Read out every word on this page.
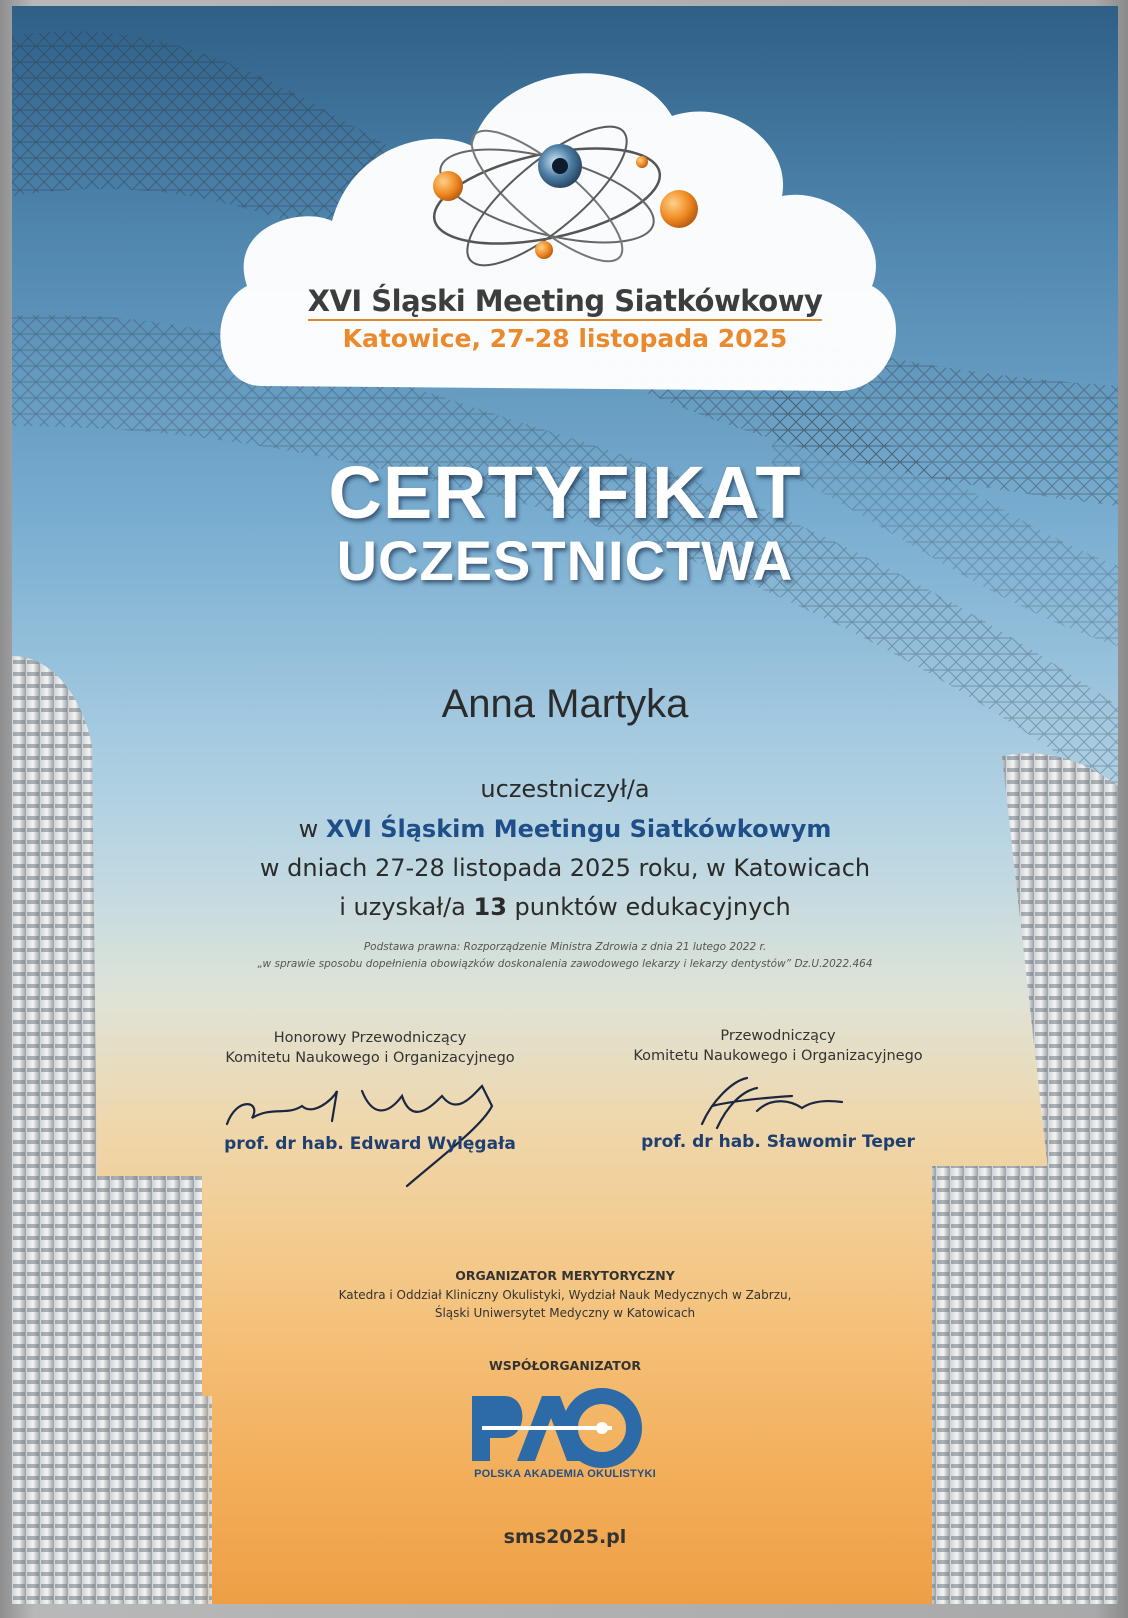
XVI Śląski Meeting Siatkówkowy
Katowice, 27-28 listopada 2025
CERTYFIKAT
UCZESTNICTWA
Anna Martyka
uczestniczył/a
w XVI Śląskim Meetingu Siatkówkowym
w dniach 27-28 listopada 2025 roku, w Katowicach
i uzyskał/a 13 punktów edukacyjnych
Podstawa prawna: Rozporządzenie Ministra Zdrowia z dnia 21 lutego 2022 r.
„w sprawie sposobu dopełnienia obowiązków doskonalenia zawodowego lekarzy i lekarzy dentystów” Dz.U.2022.464
Honorowy Przewodniczący
Komitetu Naukowego i Organizacyjnego
prof. dr hab. Edward Wylęgała
Przewodniczący
Komitetu Naukowego i Organizacyjnego
prof. dr hab. Sławomir Teper
ORGANIZATOR MERYTORYCZNY
Katedra i Oddział Kliniczny Okulistyki, Wydział Nauk Medycznych w Zabrzu,
Śląski Uniwersytet Medyczny w Katowicach
WSPÓŁORGANIZATOR
POLSKA AKADEMIA OKULISTYKI
sms2025.pl
